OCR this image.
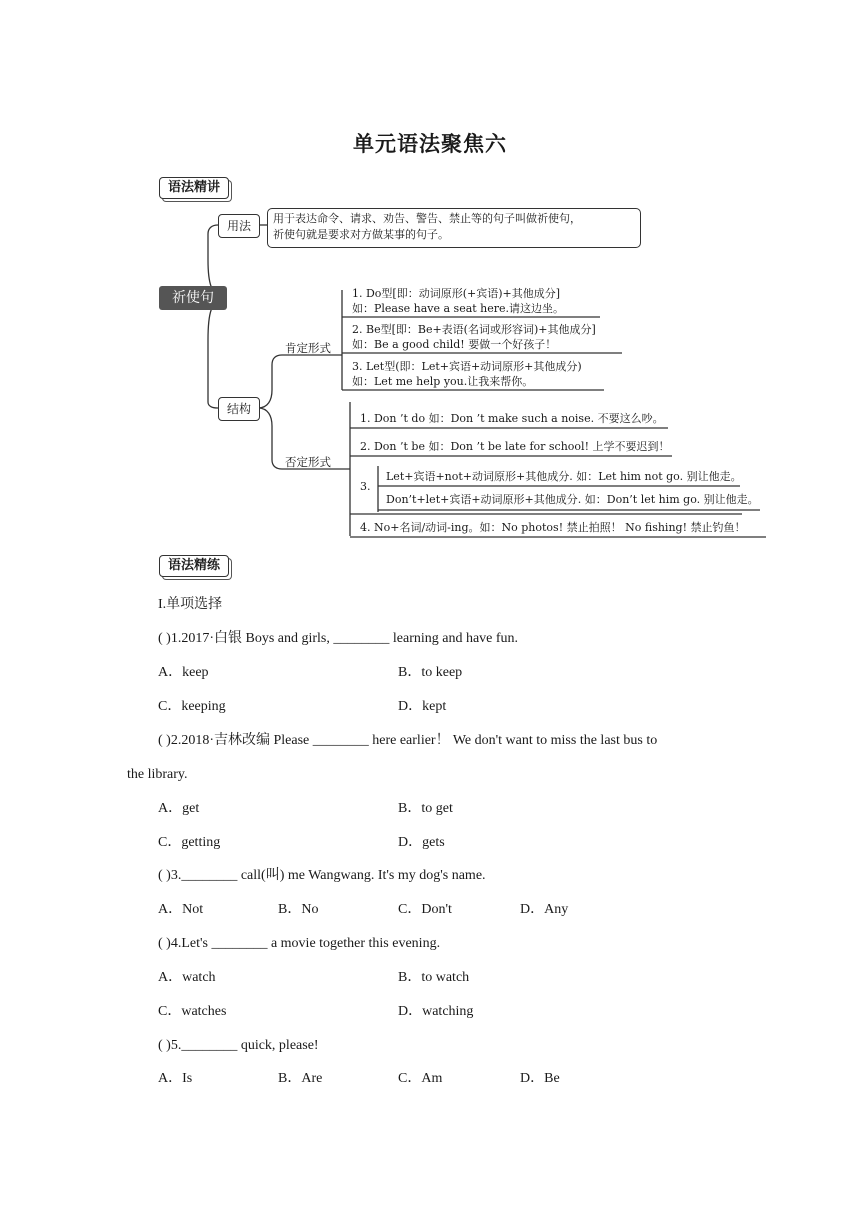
单元语法聚焦六
语法精讲
祈使句
用法
用于表达命令、请求、劝告、警告、禁止等的句子叫做祈使句，
祈使句就是要求对方做某事的句子。
结构
肯定形式
1. Do型[即：动词原形(+宾语)+其他成分]
如：Please have a seat here.请这边坐。
2. Be型[即：Be+表语(名词或形容词)+其他成分]
如：Be a good child! 要做一个好孩子！
3. Let型(即：Let+宾语+动词原形+其他成分)
如：Let me help you.让我来帮你。
否定形式
1. Don ’t do 如：Don ’t make such a noise. 不要这么吵。
2. Don ’t be 如：Don ’t be late for school! 上学不要迟到！
3.
Let+宾语+not+动词原形+其他成分. 如：Let him not go. 别让他走。
Don’t+let+宾语+动词原形+其他成分. 如：Don’t let him go. 别让他走。
4. No+名词/动词-ing。如：No photos! 禁止拍照！ No fishing! 禁止钓鱼！
语法精练
I.单项选择
( )1.2017·白银 Boys and girls, ________ learning and have fun.
A．keep	B．to keep
C．keeping	D．kept
( )2.2018·吉林改编 Please ________ here earlier！ We don't want to miss the last bus to
the library.
A．get	B．to get
C．getting	D．gets
( )3.________ call(叫) me Wangwang. It's my dog's name.
A．Not	B．No	C．Don't	D．Any
( )4.Let's ________ a movie together this evening.
A．watch	B．to watch
C．watches	D．watching
( )5.________ quick, please!
A．Is	B．Are	C．Am	D．Be
